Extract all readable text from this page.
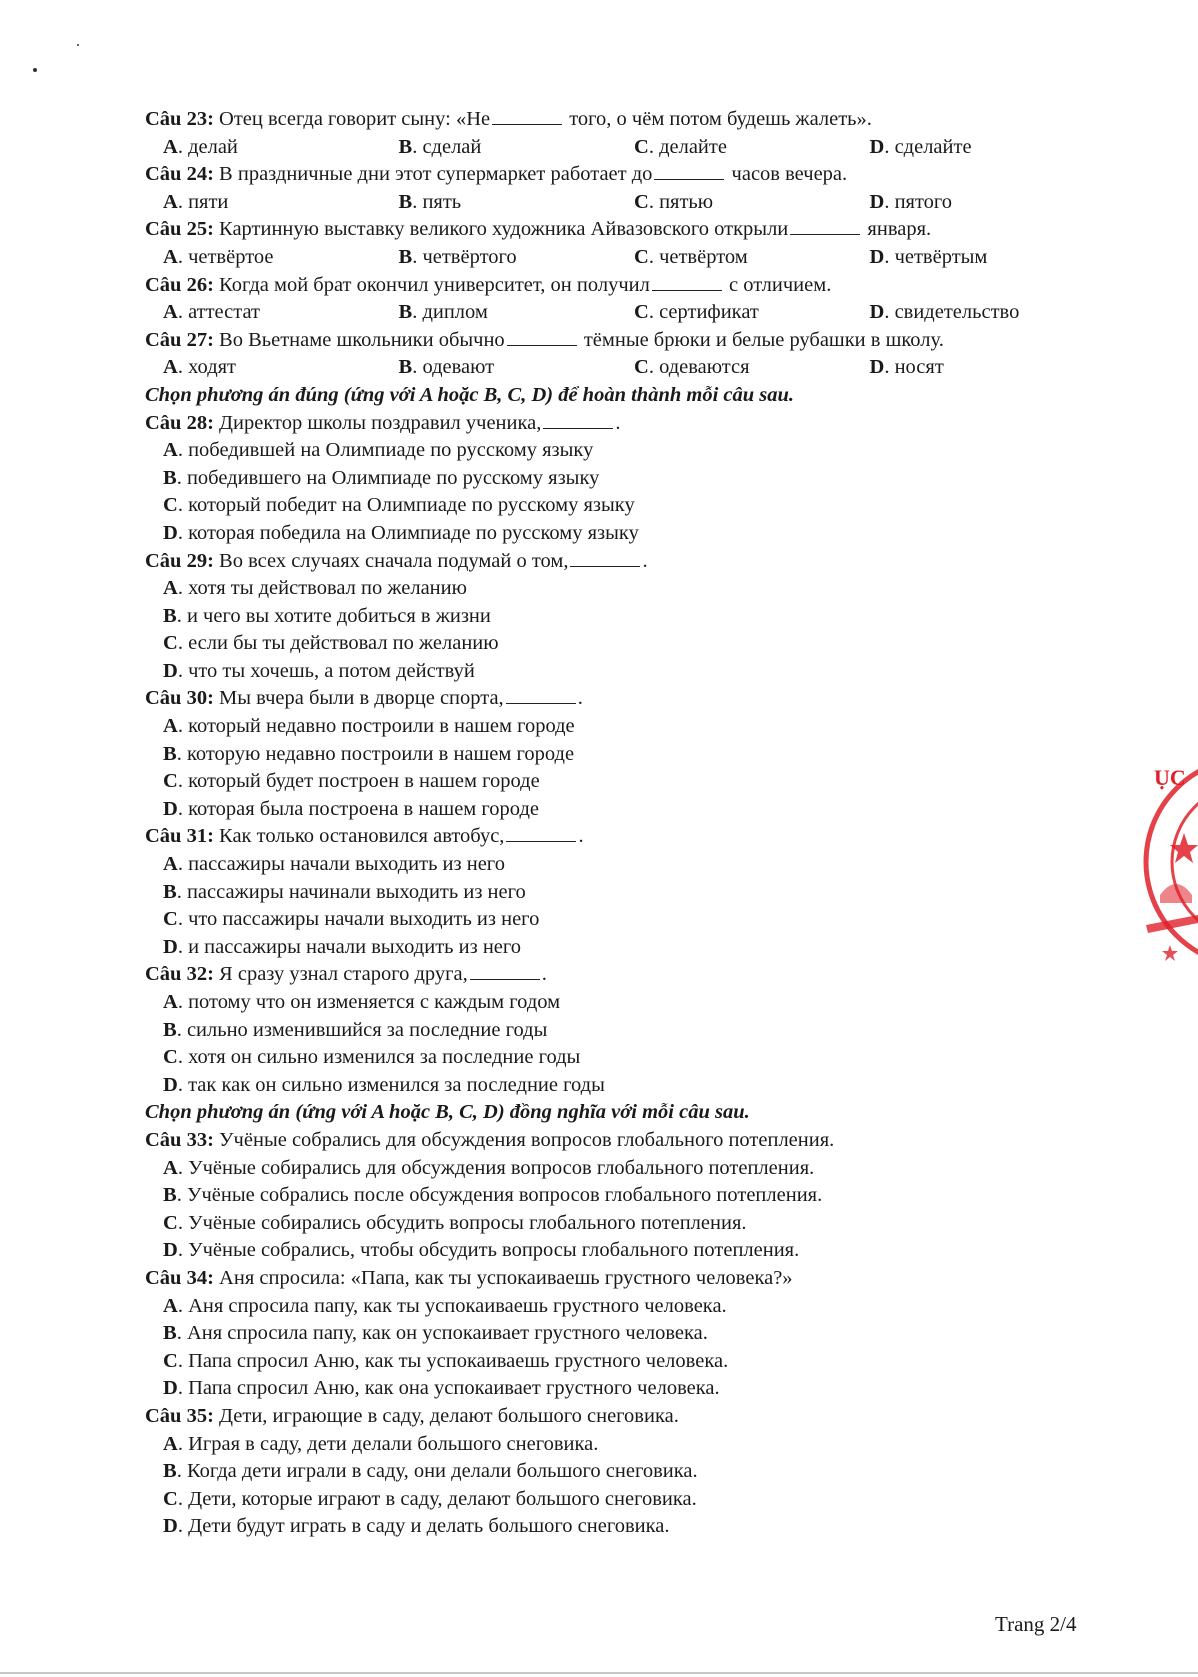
Câu 23: Отец всегда говорит сыну: «Не	того, о чём потом будешь жалеть».
A. делай	B. сделай	C. делайте	D. сделайте
Câu 24: В праздничные дни этот супермаркет работает до	часов вечера.
A. пяти	B. пять	C. пятью	D. пятого
Câu 25: Картинную выставку великого художника Айвазовского открыли	января.
A. четвёртое	B. четвёртого	C. четвёртом	D. четвёртым
Câu 26: Когда мой брат окончил университет, он получил	с отличием.
A. аттестат	B. диплом	C. сертификат	D. свидетельство
Câu 27: Во Вьетнаме школьники обычно	тёмные брюки и белые рубашки в школу.
A. ходят	B. одевают	C. одеваются	D. носят
Chọn phương án đúng (ứng với A hoặc B, C, D) để hoàn thành mỗi câu sau.
Câu 28: Директор школы поздравил ученика,	.
A. победившей на Олимпиаде по русскому языку
B. победившего на Олимпиаде по русскому языку
C. который победит на Олимпиаде по русскому языку
D. которая победила на Олимпиаде по русскому языку
Câu 29: Во всех случаях сначала подумай о том,	.
A. хотя ты действовал по желанию
B. и чего вы хотите добиться в жизни
C. если бы ты действовал по желанию
D. что ты хочешь, а потом действуй
Câu 30: Мы вчера были в дворце спорта,	.
A. который недавно построили в нашем городе
B. которую недавно построили в нашем городе
C. который будет построен в нашем городе
D. которая была построена в нашем городе
Câu 31: Как только остановился автобус,	.
A. пассажиры начали выходить из него
B. пассажиры начинали выходить из него
C. что пассажиры начали выходить из него
D. и пассажиры начали выходить из него
Câu 32: Я сразу узнал старого друга,	.
A. потому что он изменяется с каждым годом
B. сильно изменившийся за последние годы
C. хотя он сильно изменился за последние годы
D. так как он сильно изменился за последние годы
Chọn phương án (ứng với A hoặc B, C, D) đồng nghĩa với mỗi câu sau.
Câu 33: Учёные собрались для обсуждения вопросов глобального потепления.
A. Учёные собирались для обсуждения вопросов глобального потепления.
B. Учёные собрались после обсуждения вопросов глобального потепления.
C. Учёные собирались обсудить вопросы глобального потепления.
D. Учёные собрались, чтобы обсудить вопросы глобального потепления.
Câu 34: Аня спросила: «Папа, как ты успокаиваешь грустного человека?»
A. Аня спросила папу, как ты успокаиваешь грустного человека.
B. Аня спросила папу, как он успокаивает грустного человека.
C. Папа спросил Аню, как ты успокаиваешь грустного человека.
D. Папа спросил Аню, как она успокаивает грустного человека.
Câu 35: Дети, играющие в саду, делают большого снеговика.
A. Играя в саду, дети делали большого снеговика.
B. Когда дети играли в саду, они делали большого снеговика.
C. Дети, которые играют в саду, делают большого снеговика.
D. Дети будут играть в саду и делать большого снеговика.
ỤC
Trang 2/4
